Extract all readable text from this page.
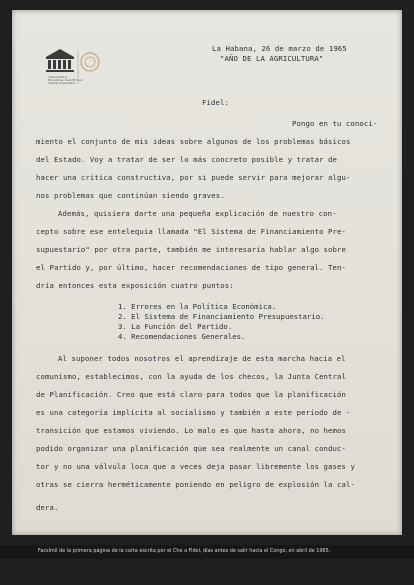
United Nations
Educational, Scientific and
Cultural Organization
La Habana, 26 de marzo de 1965
"AÑO DE LA AGRICULTURA"
Fidel:
Pongo en tu conoci-
miento el conjunto de mis ideas sobre algunos de los problemas básicos
del Estado. Voy a tratar de ser lo más concreto posible y tratar de
hacer una crítica constructiva, por si puede servir para mejorar algu-
nos problemas que continúan siendo graves.
Además, quisiera darte una pequeña explicación de nuestro con-
cepto sobre ese entelequia llamada "El Sistema de Financiamiento Pre-
supuestario" por otra parte, también me interesaría hablar algo sobre
el Partido y, por último, hacer recomendaciones de tipo general. Ten-
dría entonces esta exposición cuatro puntos:
1. Errores en la Política Económica.
2. El Sistema de Financiamiento Presupuestario.
3. La Función del Partido.
4. Recomendaciones Generales.
Al suponer todos nosotros el aprendizaje de esta marcha hacia el
comunismo, establecimos, con la ayuda de los checos, la Junta Central
de Planificación. Creo que está claro para todos que la planificación
es una categoría implícita al socialismo y también a este período de -
transición que estamos viviendo. Lo malo es que hasta ahora, no hemos
podido organizar una planificación que sea realmente un canal conduc-
tor y no una válvula loca que a veces deja pasar libremente los gases y
otras se cierra herméticamente poniendo en peligro de explosión la cal-
dera.
Facsímil de la primera página de la carta escrita por el Che a Fidel, días antes de salir hacia el Congo, en abril de 1965.
